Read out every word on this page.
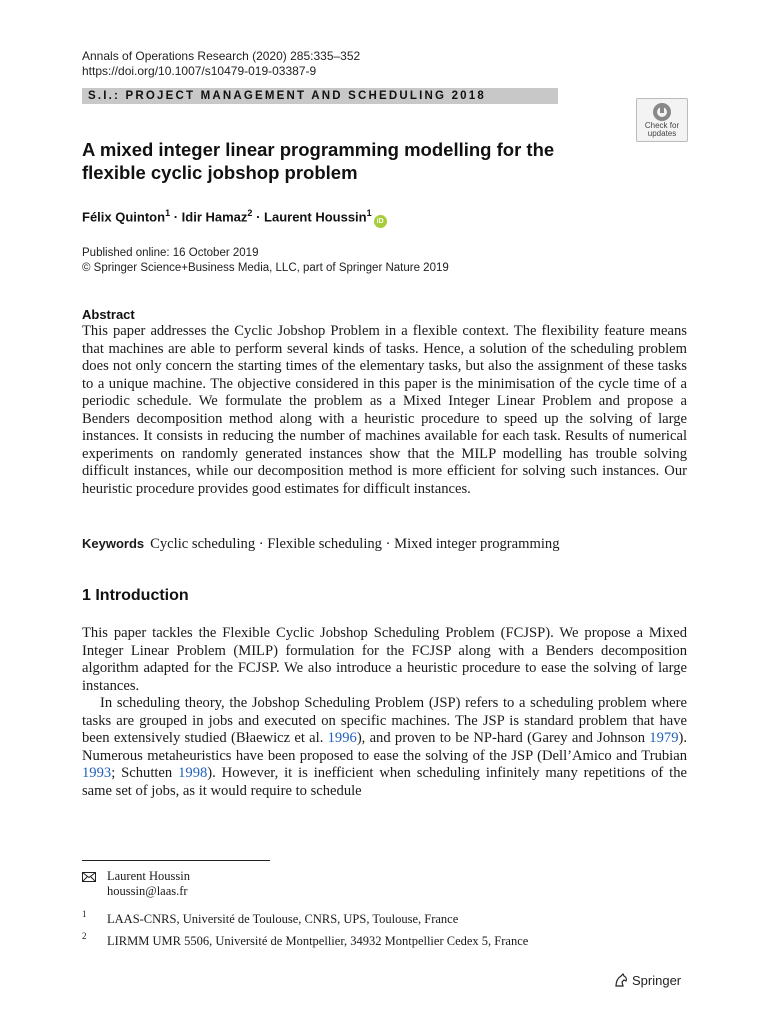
Annals of Operations Research (2020) 285:335–352
https://doi.org/10.1007/s10479-019-03387-9
S.I.: PROJECT MANAGEMENT AND SCHEDULING 2018
Check for
updates
A mixed integer linear programming modelling for the flexible cyclic jobshop problem
Félix Quinton$^1$ · Idir Hamaz$^2$ · Laurent Houssin$^1$iD
Published online: 16 October 2019
© Springer Science+Business Media, LLC, part of Springer Nature 2019
Abstract
This paper addresses the Cyclic Jobshop Problem in a flexible context. The flexibility feature means that machines are able to perform several kinds of tasks. Hence, a solution of the scheduling problem does not only concern the starting times of the elementary tasks, but also the assignment of these tasks to a unique machine. The objective considered in this paper is the minimisation of the cycle time of a periodic schedule. We formulate the problem as a Mixed Integer Linear Problem and propose a Benders decomposition method along with a heuristic procedure to speed up the solving of large instances. It consists in reducing the number of machines available for each task. Results of numerical experiments on randomly generated instances show that the MILP modelling has trouble solving difficult instances, while our decomposition method is more efficient for solving such instances. Our heuristic procedure provides good estimates for difficult instances.
Keywords Cyclic scheduling · Flexible scheduling · Mixed integer programming
1 Introduction

This paper tackles the Flexible Cyclic Jobshop Scheduling Problem (FCJSP). We propose a Mixed Integer Linear Problem (MILP) formulation for the FCJSP along with a Benders decomposition algorithm adapted for the FCJSP. We also introduce a heuristic procedure to ease the solving of large instances.

In scheduling theory, the Jobshop Scheduling Problem (JSP) refers to a scheduling problem where tasks are grouped in jobs and executed on specific machines. The JSP is standard problem that have been extensively studied (Błaewicz et al. 1996), and proven to be NP-hard (Garey and Johnson 1979). Numerous metaheuristics have been proposed to ease the solving of the JSP (Dell’Amico and Trubian 1993; Schutten 1998). However, it is inefficient when scheduling infinitely many repetitions of the same set of jobs, as it would require to schedule

Laurent Houssin
houssin@laas.fr
1 LAAS-CNRS, Université de Toulouse, CNRS, UPS, Toulouse, France
2 LIRMM UMR 5506, Université de Montpellier, 34932 Montpellier Cedex 5, France
Springer
